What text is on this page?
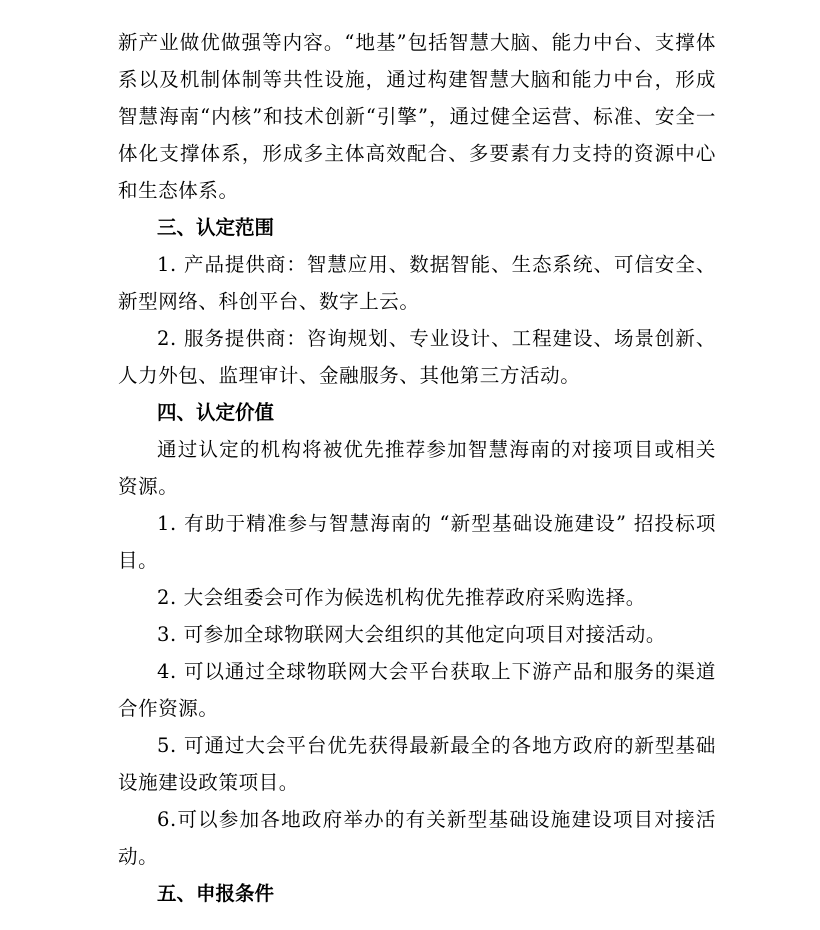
新产业做优做强等内容。“地基”包括智慧大脑、能力中台、支撑体系以及机制体制等共性设施，通过构建智慧大脑和能力中台，形成智慧海南“内核”和技术创新“引擎”，通过健全运营、标准、安全一体化支撑体系，形成多主体高效配合、多要素有力支持的资源中心和生态体系。

三、认定范围

1. 产品提供商：智慧应用、数据智能、生态系统、可信安全、新型网络、科创平台、数字上云。

2. 服务提供商：咨询规划、专业设计、工程建设、场景创新、人力外包、监理审计、金融服务、其他第三方活动。

四、认定价值

通过认定的机构将被优先推荐参加智慧海南的对接项目或相关资源。

1. 有助于精准参与智慧海南的 “新型基础设施建设” 招投标项目。

2. 大会组委会可作为候选机构优先推荐政府采购选择。

3. 可参加全球物联网大会组织的其他定向项目对接活动。

4. 可以通过全球物联网大会平台获取上下游产品和服务的渠道合作资源。

5. 可通过大会平台优先获得最新最全的各地方政府的新型基础设施建设政策项目。

6.可以参加各地政府举办的有关新型基础设施建设项目对接活动。

五、申报条件
